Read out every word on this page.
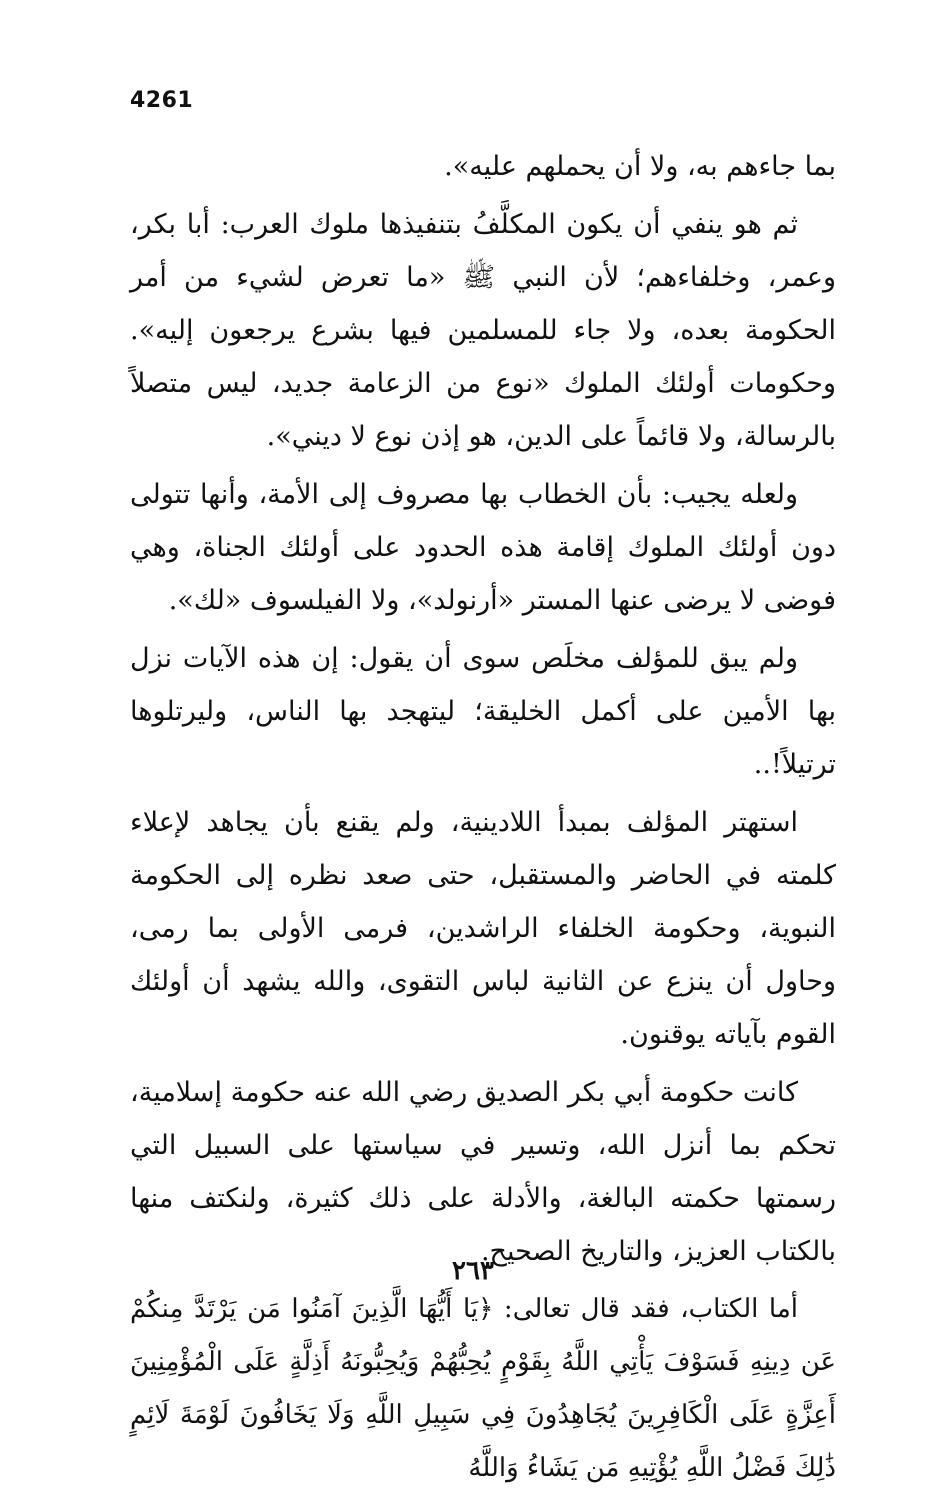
4261

بما جاءهم به، ولا أن يحملهم عليه».

ثم هو ينفي أن يكون المكلَّفُ بتنفيذها ملوك العرب: أبا بكر، وعمر، وخلفاءهم؛ لأن النبي ﷺ «ما تعرض لشيء من أمر الحكومة بعده، ولا جاء للمسلمين فيها بشرع يرجعون إليه». وحكومات أولئك الملوك «نوع من الزعامة جديد، ليس متصلاً بالرسالة، ولا قائماً على الدين، هو إذن نوع لا ديني».

ولعله يجيب: بأن الخطاب بها مصروف إلى الأمة، وأنها تتولى دون أولئك الملوك إقامة هذه الحدود على أولئك الجناة، وهي فوضى لا يرضى عنها المستر «أرنولد»، ولا الفيلسوف «لك».

ولم يبق للمؤلف مخلَص سوى أن يقول: إن هذه الآيات نزل بها الأمين على أكمل الخليقة؛ ليتهجد بها الناس، وليرتلوها ترتيلاً!..

استهتر المؤلف بمبدأ اللادينية، ولم يقنع بأن يجاهد لإعلاء كلمته في الحاضر والمستقبل، حتى صعد نظره إلى الحكومة النبوية، وحكومة الخلفاء الراشدين، فرمى الأولى بما رمى، وحاول أن ينزع عن الثانية لباس التقوى، والله يشهد أن أولئك القوم بآياته يوقنون.

كانت حكومة أبي بكر الصديق رضي الله عنه حكومة إسلامية، تحكم بما أنزل الله، وتسير في سياستها على السبيل التي رسمتها حكمته البالغة، والأدلة على ذلك كثيرة، ولنكتف منها بالكتاب العزيز، والتاريخ الصحيح.

أما الكتاب، فقد قال تعالى: ﴿يَا أَيُّهَا الَّذِينَ آمَنُوا مَن يَرْتَدَّ مِنكُمْ عَن دِينِهِ فَسَوْفَ يَأْتِي اللَّهُ بِقَوْمٍ يُحِبُّهُمْ وَيُحِبُّونَهُ أَذِلَّةٍ عَلَى الْمُؤْمِنِينَ أَعِزَّةٍ عَلَى الْكَافِرِينَ يُجَاهِدُونَ فِي سَبِيلِ اللَّهِ وَلَا يَخَافُونَ لَوْمَةَ لَائِمٍ ذَٰلِكَ فَضْلُ اللَّهِ يُؤْتِيهِ مَن يَشَاءُ وَاللَّهُ

٢٦٣
